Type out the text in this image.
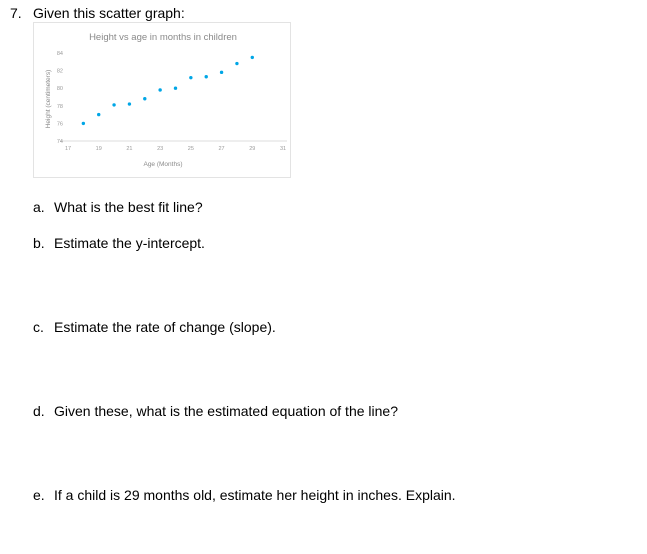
7. Given this scatter graph:
Height vs age in months in children
Height (centimeters)
Age (Months)
74
76
78
80
82
84
17	19	21	23	25	27	29	31
a. What is the best fit line?
b. Estimate the y-intercept.
c. Estimate the rate of change (slope).
d. Given these, what is the estimated equation of the line?
e. If a child is 29 months old, estimate her height in inches. Explain.
